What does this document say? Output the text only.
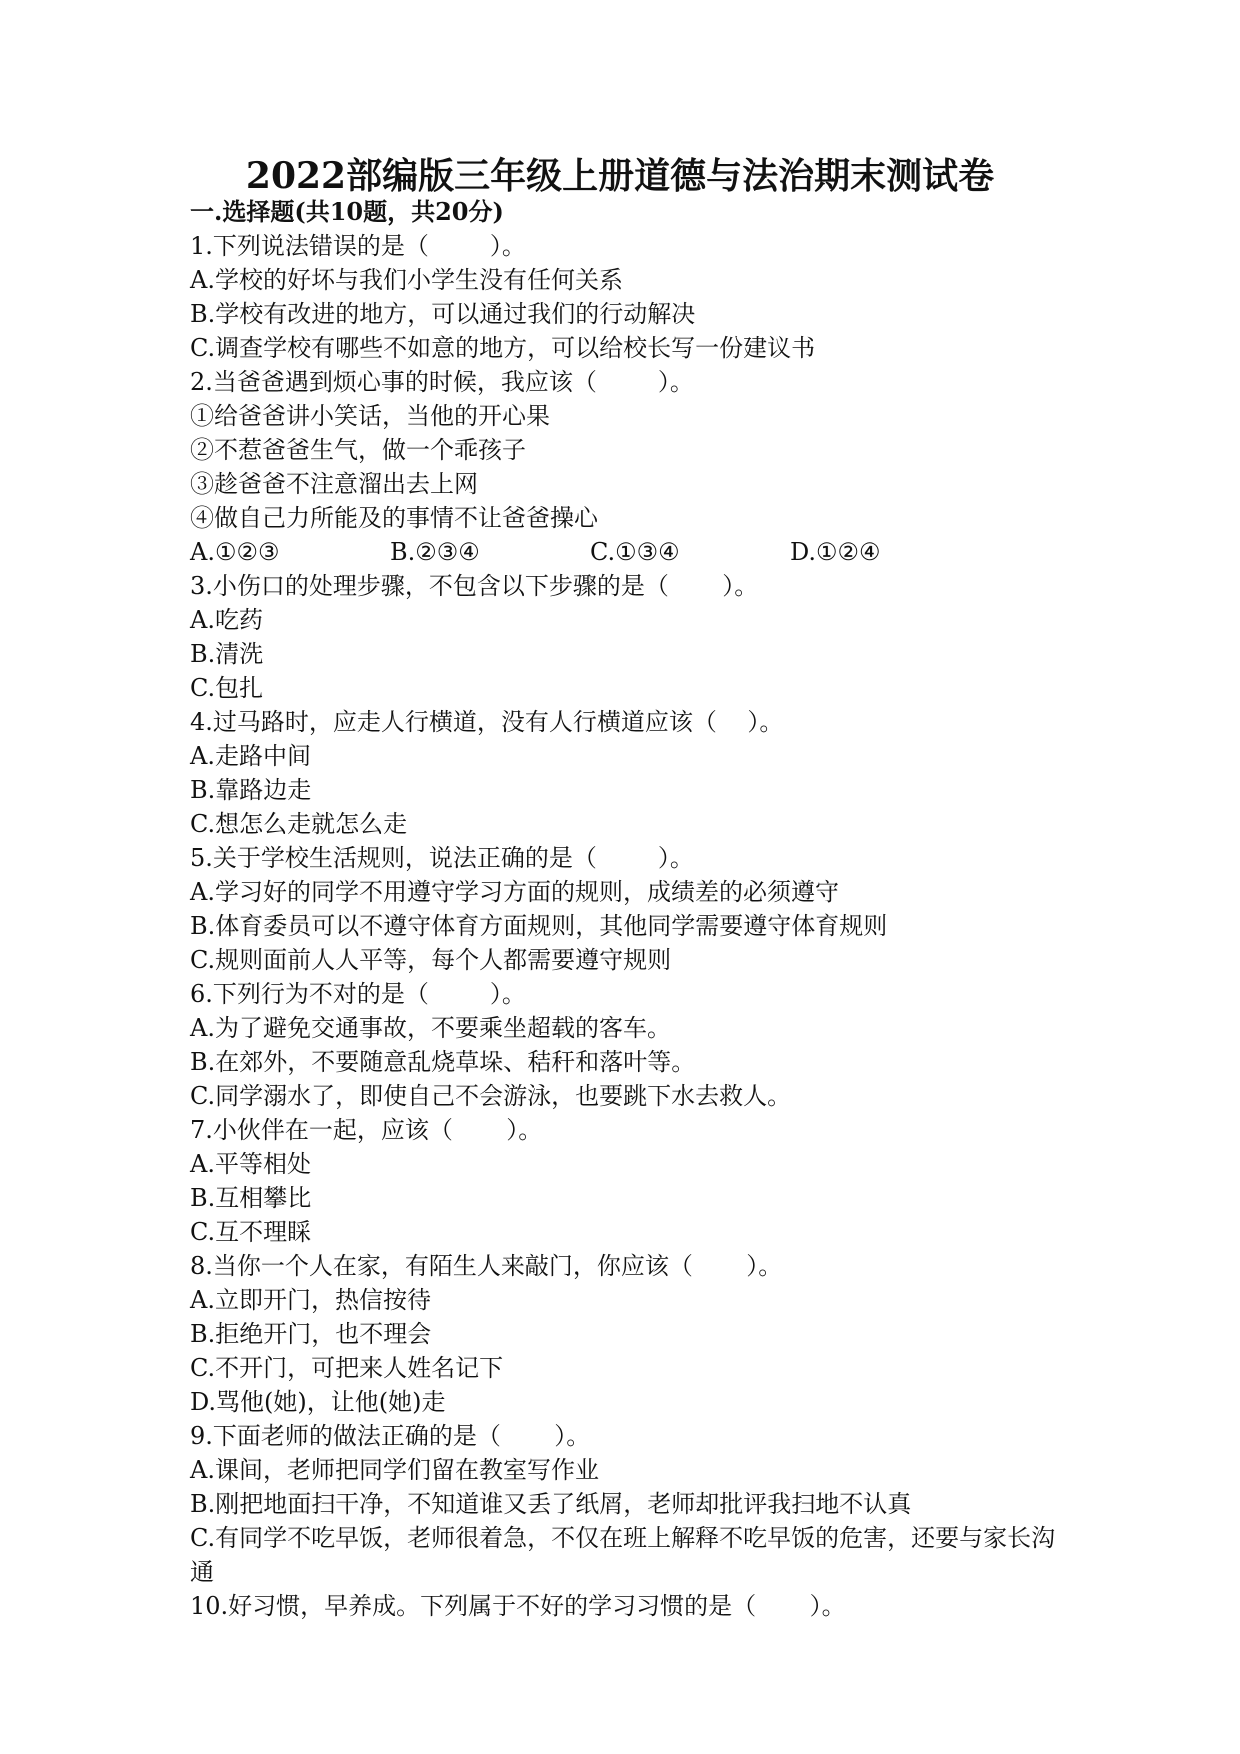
2022部编版三年级上册道德与法治期末测试卷
一.选择题(共10题，共20分)
1.下列说法错误的是（        ）。
A.学校的好坏与我们小学生没有任何关系
B.学校有改进的地方，可以通过我们的行动解决
C.调查学校有哪些不如意的地方，可以给校长写一份建议书
2.当爸爸遇到烦心事的时候，我应该（        ）。
①给爸爸讲小笑话，当他的开心果
②不惹爸爸生气，做一个乖孩子
③趁爸爸不注意溜出去上网
④做自己力所能及的事情不让爸爸操心
A.①②③	B.②③④	C.①③④	D.①②④
3.小伤口的处理步骤，不包含以下步骤的是（       ）。
A.吃药
B.清洗
C.包扎
4.过马路时，应走人行横道，没有人行横道应该（    ）。
A.走路中间
B.靠路边走
C.想怎么走就怎么走
5.关于学校生活规则，说法正确的是（        ）。
A.学习好的同学不用遵守学习方面的规则，成绩差的必须遵守
B.体育委员可以不遵守体育方面规则，其他同学需要遵守体育规则
C.规则面前人人平等，每个人都需要遵守规则
6.下列行为不对的是（        ）。
A.为了避免交通事故，不要乘坐超载的客车。
B.在郊外，不要随意乱烧草垛、秸秆和落叶等。
C.同学溺水了，即使自己不会游泳，也要跳下水去救人。
7.小伙伴在一起，应该（       ）。
A.平等相处
B.互相攀比
C.互不理睬
8.当你一个人在家，有陌生人来敲门，你应该（       ）。
A.立即开门，热信按待
B.拒绝开门，也不理会
C.不开门，可把来人姓名记下
D.骂他(她)，让他(她)走
9.下面老师的做法正确的是（       ）。
A.课间，老师把同学们留在教室写作业
B.刚把地面扫干净，不知道谁又丢了纸屑，老师却批评我扫地不认真
C.有同学不吃早饭，老师很着急，不仅在班上解释不吃早饭的危害，还要与家长沟通
10.好习惯，早养成。下列属于不好的学习习惯的是（       ）。
